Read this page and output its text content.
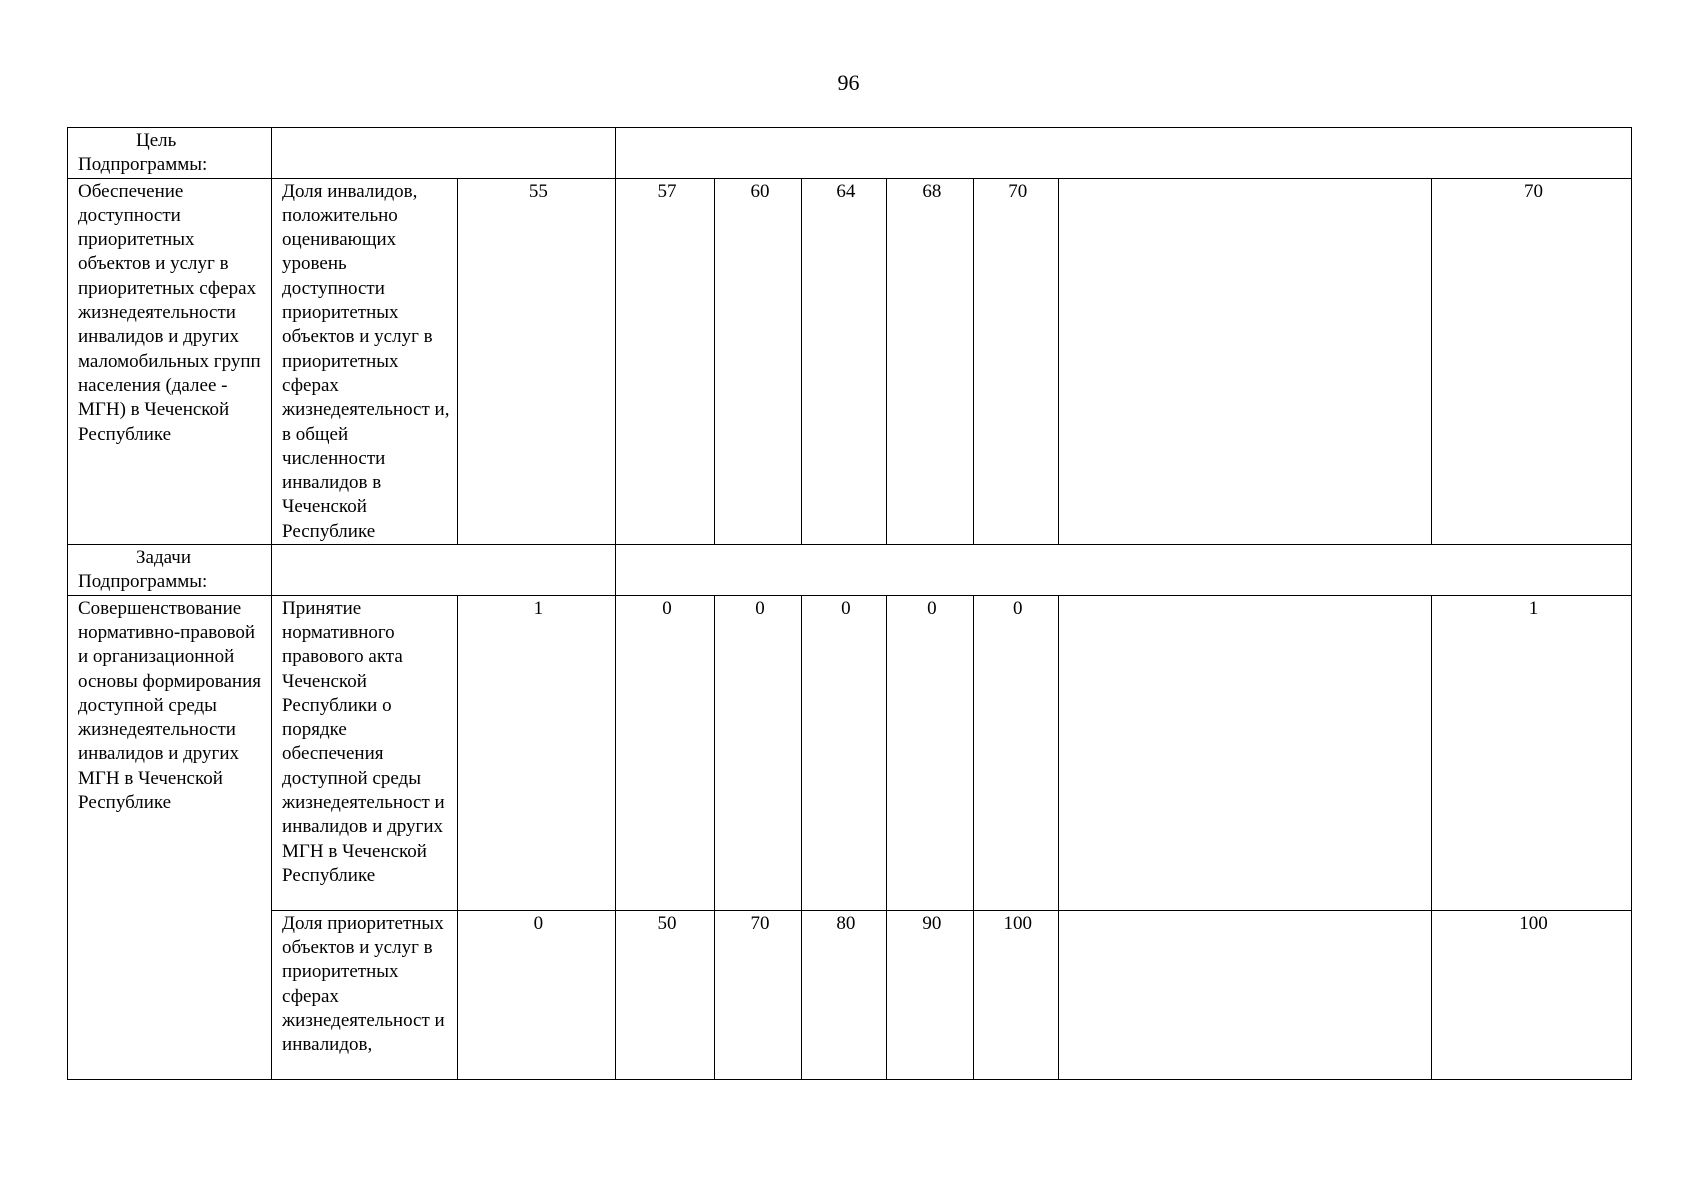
96
Цель
Подпрограммы:									

Обеспечение доступности приоритетных объектов и услуг в приоритетных сферах жизнедеятельности инвалидов и других маломобильных групп населения (далее - МГН) в Чеченской Республике	Доля инвалидов, положительно оценивающих уровень доступности приоритетных объектов и услуг в приоритетных сферах жизнедеятельност и, в общей численности инвалидов в Чеченской Республике	55	57	60	64	68	70		70

Задачи
Подпрограммы:									

Совершенствование нормативно-правовой и организационной основы формирования доступной среды жизнедеятельности инвалидов и других МГН в Чеченской Республике	Принятие нормативного правового акта Чеченской Республики о порядке обеспечения доступной среды жизнедеятельност и инвалидов и других МГН в Чеченской Республике	1	0	0	0	0	0		1
	Доля приоритетных объектов и услуг в приоритетных сферах жизнедеятельност и инвалидов,	0	50	70	80	90	100		100
